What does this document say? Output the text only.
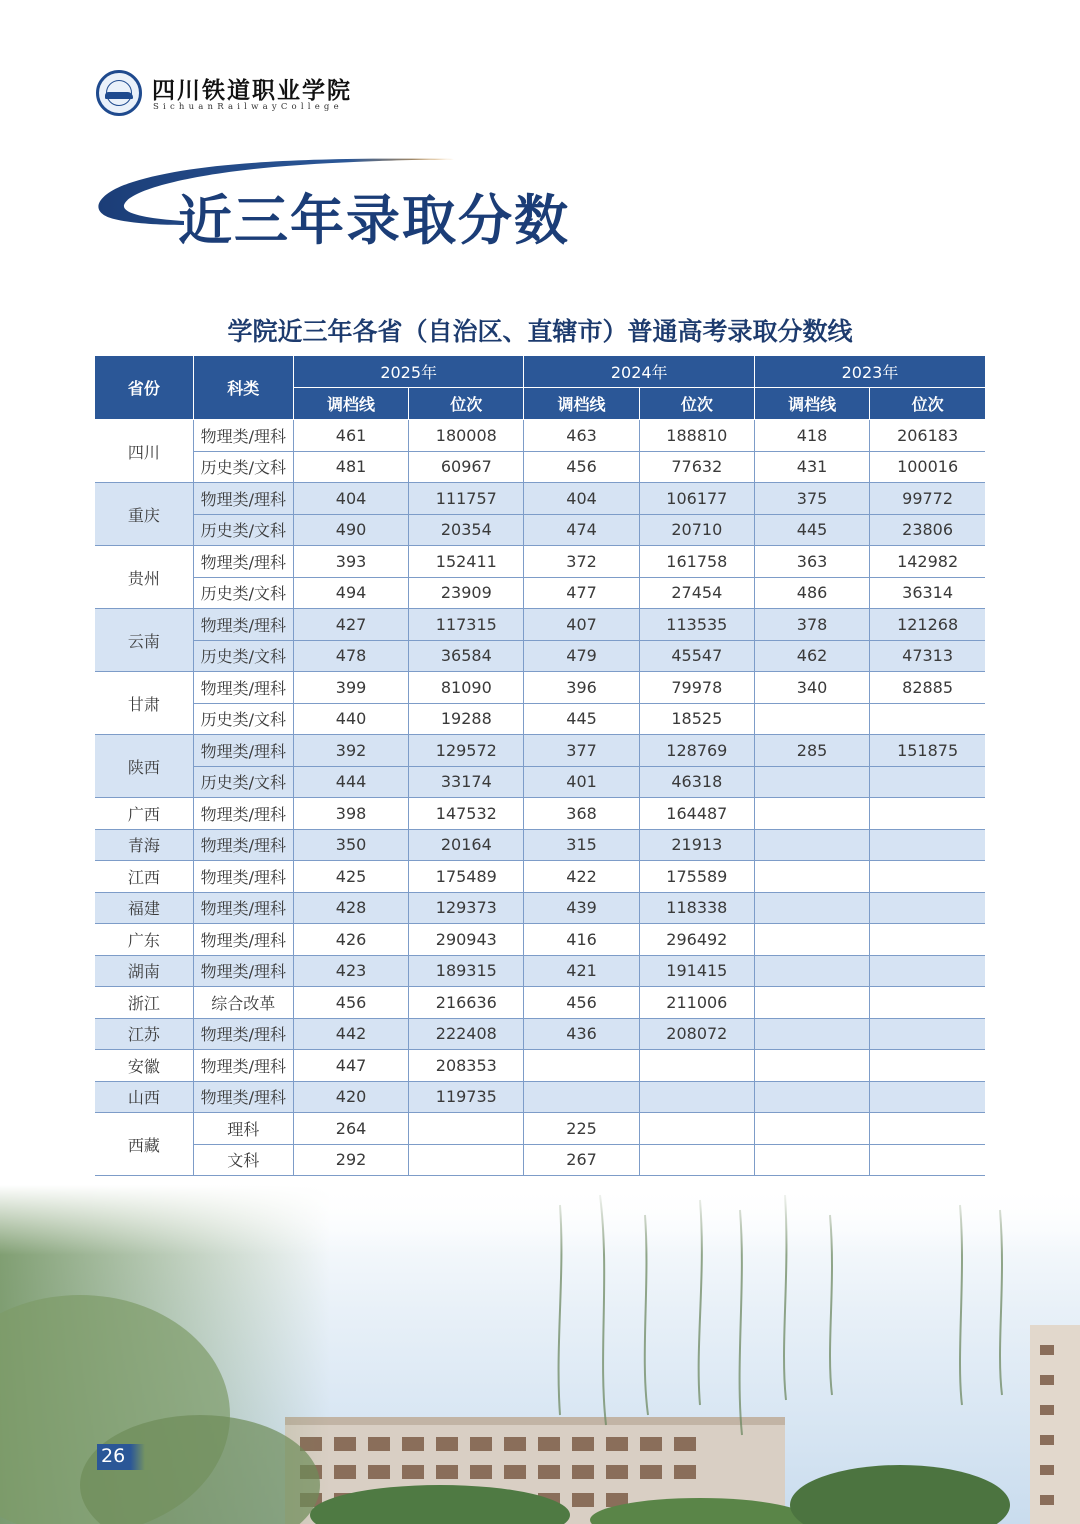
四川铁道职业学院
SichuanRailwayCollege
近三年录取分数
学院近三年各省（自治区、直辖市）普通高考录取分数线
省份	科类	2025年		2024年		2023年	
		调档线	位次	调档线	位次	调档线	位次
四川	物理类/理科	461	180008	463	188810	418	206183
	历史类/文科	481	60967	456	77632	431	100016
重庆	物理类/理科	404	111757	404	106177	375	99772
	历史类/文科	490	20354	474	20710	445	23806
贵州	物理类/理科	393	152411	372	161758	363	142982
	历史类/文科	494	23909	477	27454	486	36314
云南	物理类/理科	427	117315	407	113535	378	121268
	历史类/文科	478	36584	479	45547	462	47313
甘肃	物理类/理科	399	81090	396	79978	340	82885
	历史类/文科	440	19288	445	18525		
陕西	物理类/理科	392	129572	377	128769	285	151875
	历史类/文科	444	33174	401	46318		
广西	物理类/理科	398	147532	368	164487		
青海	物理类/理科	350	20164	315	21913		
江西	物理类/理科	425	175489	422	175589		
福建	物理类/理科	428	129373	439	118338		
广东	物理类/理科	426	290943	416	296492		
湖南	物理类/理科	423	189315	421	191415		
浙江	综合改革	456	216636	456	211006		
江苏	物理类/理科	442	222408	436	208072		
安徽	物理类/理科	447	208353				
山西	物理类/理科	420	119735				
西藏	理科	264		225			
	文科	292		267			
26
